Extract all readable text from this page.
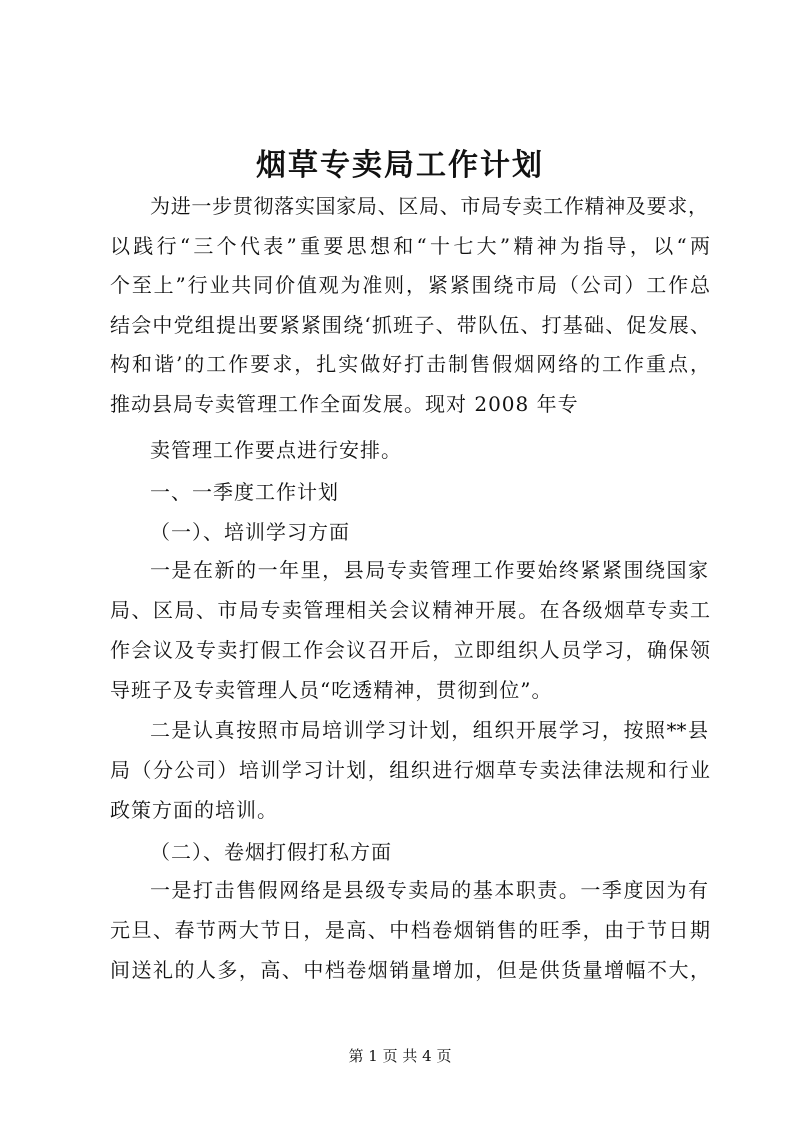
烟草专卖局工作计划
为进一步贯彻落实国家局、区局、市局专卖工作精神及要求，
以践行“三个代表”重要思想和“十七大”精神为指导，以“两
个至上”行业共同价值观为准则，紧紧围绕市局（公司）工作总
结会中党组提出要紧紧围绕‘抓班子、带队伍、打基础、促发展、
构和谐’的工作要求，扎实做好打击制售假烟网络的工作重点，
推动县局专卖管理工作全面发展。现对 2008 年专
卖管理工作要点进行安排。
一、一季度工作计划
（一）、培训学习方面
一是在新的一年里，县局专卖管理工作要始终紧紧围绕国家
局、区局、市局专卖管理相关会议精神开展。在各级烟草专卖工
作会议及专卖打假工作会议召开后，立即组织人员学习，确保领
导班子及专卖管理人员“吃透精神，贯彻到位”。
二是认真按照市局培训学习计划，组织开展学习，按照**县
局（分公司）培训学习计划，组织进行烟草专卖法律法规和行业
政策方面的培训。
（二）、卷烟打假打私方面
一是打击售假网络是县级专卖局的基本职责。一季度因为有
元旦、春节两大节日，是高、中档卷烟销售的旺季，由于节日期
间送礼的人多，高、中档卷烟销量增加，但是供货量增幅不大，
第 1 页 共 4 页
